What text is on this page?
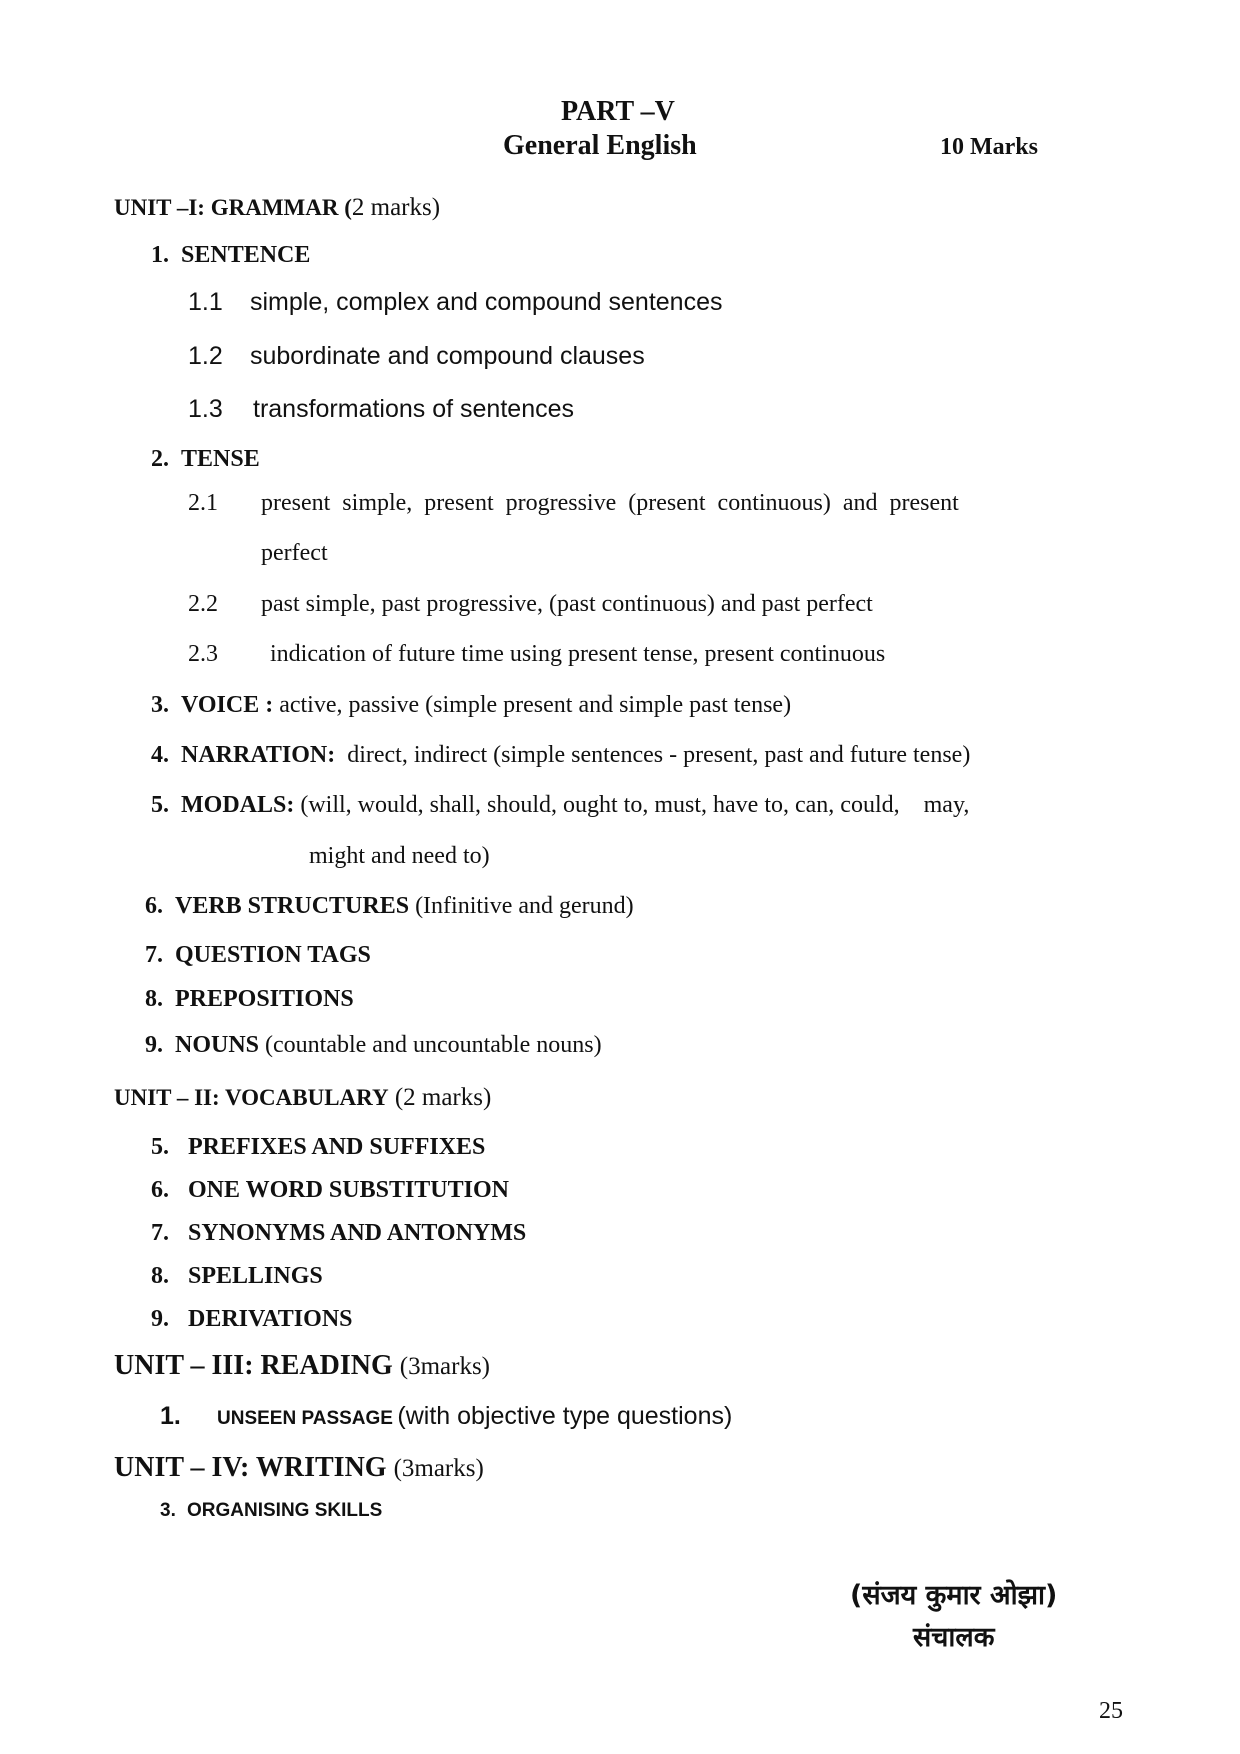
PART –V
General English	10 Marks
UNIT –I: GRAMMAR (2 marks)
1. SENTENCE
1.1 simple, complex and compound sentences
1.2 subordinate and compound clauses
1.3 transformations of sentences
2. TENSE
2.1 present  simple,  present  progressive  (present  continuous)  and  present
perfect
2.2 past simple, past progressive, (past continuous) and past perfect
2.3 indication of future time using present tense, present continuous
3. VOICE : active, passive (simple present and simple past tense)
4. NARRATION: direct, indirect (simple sentences - present, past and future tense)
5. MODALS: (will, would, shall, should, ought to, must, have to, can, could,    may,
might and need to)
6. VERB STRUCTURES (Infinitive and gerund)
7. QUESTION TAGS
8. PREPOSITIONS
9. NOUNS (countable and uncountable nouns)
UNIT – II: VOCABULARY (2 marks)
5. PREFIXES AND SUFFIXES
6. ONE WORD SUBSTITUTION
7. SYNONYMS AND ANTONYMS
8. SPELLINGS
9. DERIVATIONS
UNIT – III: READING (3marks)
1. UNSEEN PASSAGE (with objective type questions)
UNIT – IV: WRITING (3marks)
3. ORGANISING SKILLS
(संजय कुमार ओझा)
संचालक
25
